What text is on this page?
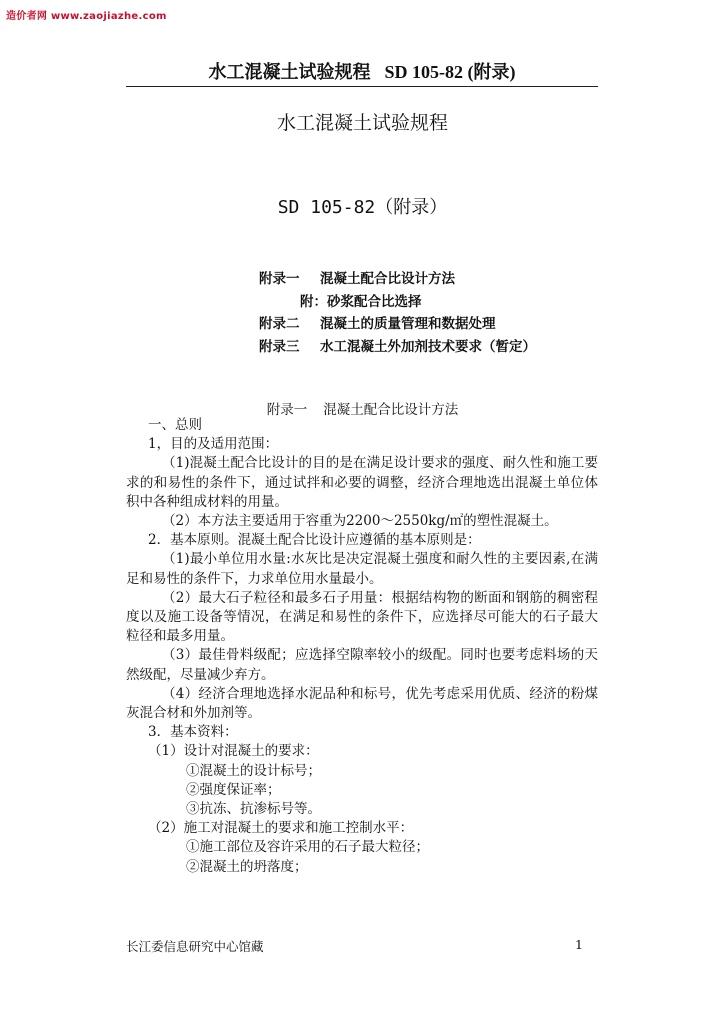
造价者网 www.zaojiazhe.com
水工混凝土试验规程 SD 105-82 (附录)
水工混凝土试验规程
SD 105-82（附录）
附录一 混凝土配合比设计方法
附：砂浆配合比选择
附录二 混凝土的质量管理和数据处理
附录三 水工混凝土外加剂技术要求（暂定）
附录一 混凝土配合比设计方法

一、总则

1，目的及适用范围：

（1)混凝土配合比设计的目的是在满足设计要求的强度、耐久性和施工要求的和易性的条件下，通过试拌和必要的调整，经济合理地选出混凝土单位体积中各种组成材料的用量。

（2）本方法主要适用于容重为2200～2550kg/㎡的塑性混凝土。

2．基本原则。混凝土配合比设计应遵循的基本原则是：

（1)最小单位用水量:水灰比是决定混凝土强度和耐久性的主要因素,在满足和易性的条件下，力求单位用水量最小。

（2）最大石子粒径和最多石子用量：根据结构物的断面和钢筋的稠密程度以及施工设备等情况，在满足和易性的条件下，应选择尽可能大的石子最大粒径和最多用量。

（3）最佳骨料级配；应选择空隙率较小的级配。同时也要考虑料场的天然级配，尽量减少弃方。

（4）经济合理地选择水泥品种和标号，优先考虑采用优质、经济的粉煤灰混合材和外加剂等。

3．基本资料：

（1）设计对混凝土的要求：

①混凝土的设计标号；

②强度保证率；

③抗冻、抗渗标号等。

（2）施工对混凝土的要求和施工控制水平：

①施工部位及容许采用的石子最大粒径；

②混凝土的坍落度；

长江委信息研究中心馆藏	1
